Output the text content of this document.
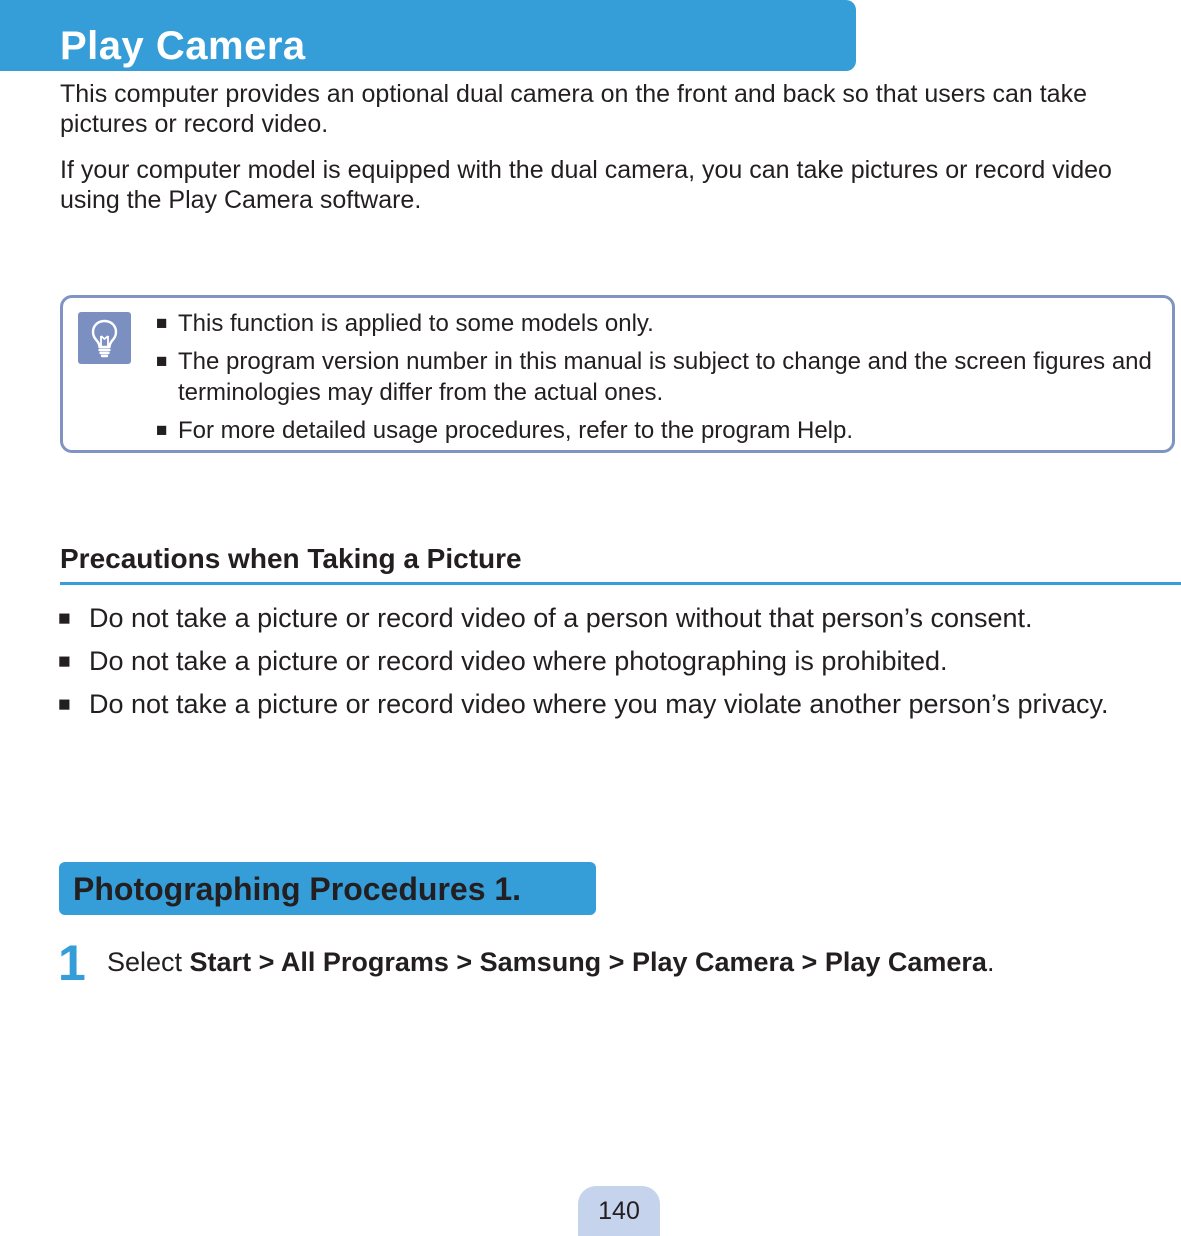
Play Camera

This computer provides an optional dual camera on the front and back so that users can take pictures or record video.

If your computer model is equipped with the dual camera, you can take pictures or record video using the Play Camera software.

■ This function is applied to some models only.
■ The program version number in this manual is subject to change and the screen figures and terminologies may differ from the actual ones.
■ For more detailed usage procedures, refer to the program Help.
Precautions when Taking a Picture
■ Do not take a picture or record video of a person without that person’s consent.
■ Do not take a picture or record video where photographing is prohibited.
■ Do not take a picture or record video where you may violate another person’s privacy.
Photographing Procedures 1.
1 Select Start > All Programs > Samsung > Play Camera > Play Camera.
140
